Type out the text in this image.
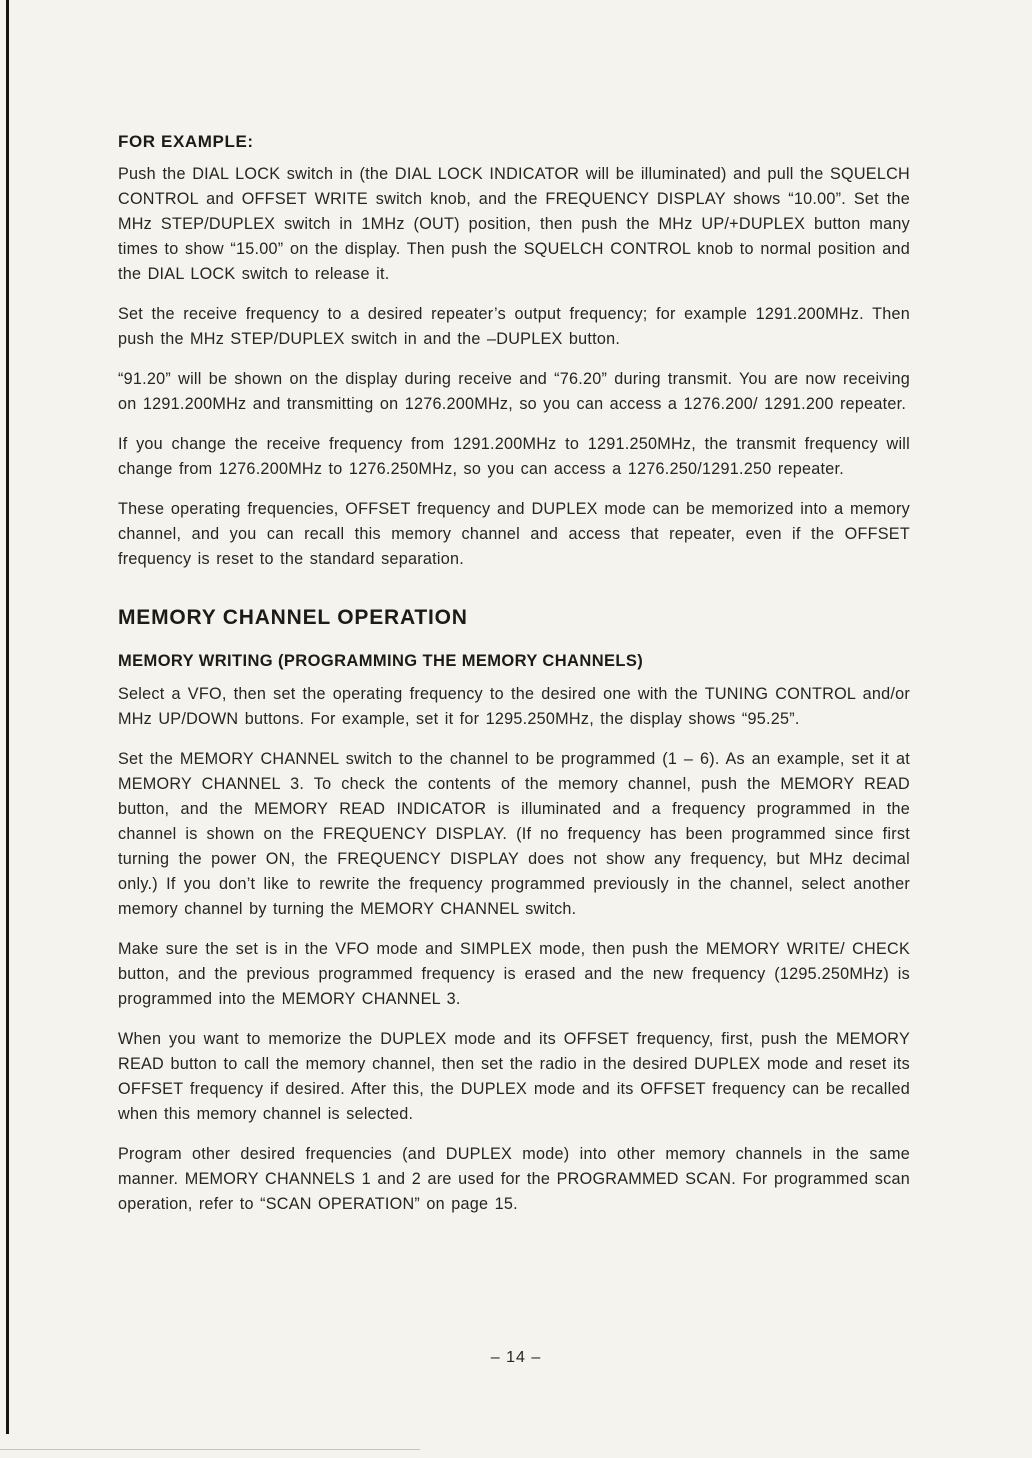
FOR EXAMPLE:

Push the DIAL LOCK switch in (the DIAL LOCK INDICATOR will be illuminated) and pull the SQUELCH CONTROL and OFFSET WRITE switch knob, and the FREQUENCY DISPLAY shows “10.00”. Set the MHz STEP/DUPLEX switch in 1MHz (OUT) position, then push the MHz UP/+DUPLEX button many times to show “15.00” on the display. Then push the SQUELCH CONTROL knob to normal position and the DIAL LOCK switch to release it.

Set the receive frequency to a desired repeater’s output frequency; for example 1291.200MHz. Then push the MHz STEP/DUPLEX switch in and the –DUPLEX button.

“91.20” will be shown on the display during receive and “76.20” during transmit. You are now receiving on 1291.200MHz and transmitting on 1276.200MHz, so you can access a 1276.200/ 1291.200 repeater.

If you change the receive frequency from 1291.200MHz to 1291.250MHz, the transmit frequency will change from 1276.200MHz to 1276.250MHz, so you can access a 1276.250/1291.250 repeater.

These operating frequencies, OFFSET frequency and DUPLEX mode can be memorized into a memory channel, and you can recall this memory channel and access that repeater, even if the OFFSET frequency is reset to the standard separation.

MEMORY CHANNEL OPERATION
MEMORY WRITING (PROGRAMMING THE MEMORY CHANNELS)

Select a VFO, then set the operating frequency to the desired one with the TUNING CONTROL and/or MHz UP/DOWN buttons. For example, set it for 1295.250MHz, the display shows “95.25”.

Set the MEMORY CHANNEL switch to the channel to be programmed (1 – 6). As an example, set it at MEMORY CHANNEL 3. To check the contents of the memory channel, push the MEMORY READ button, and the MEMORY READ INDICATOR is illuminated and a frequency programmed in the channel is shown on the FREQUENCY DISPLAY. (If no frequency has been programmed since first turning the power ON, the FREQUENCY DISPLAY does not show any frequency, but MHz decimal only.) If you don’t like to rewrite the frequency programmed previously in the channel, select another memory channel by turning the MEMORY CHANNEL switch.

Make sure the set is in the VFO mode and SIMPLEX mode, then push the MEMORY WRITE/ CHECK button, and the previous programmed frequency is erased and the new frequency (1295.250MHz) is programmed into the MEMORY CHANNEL 3.

When you want to memorize the DUPLEX mode and its OFFSET frequency, first, push the MEMORY READ button to call the memory channel, then set the radio in the desired DUPLEX mode and reset its OFFSET frequency if desired. After this, the DUPLEX mode and its OFFSET frequency can be recalled when this memory channel is selected.

Program other desired frequencies (and DUPLEX mode) into other memory channels in the same manner. MEMORY CHANNELS 1 and 2 are used for the PROGRAMMED SCAN. For programmed scan operation, refer to “SCAN OPERATION” on page 15.

– 14 –
